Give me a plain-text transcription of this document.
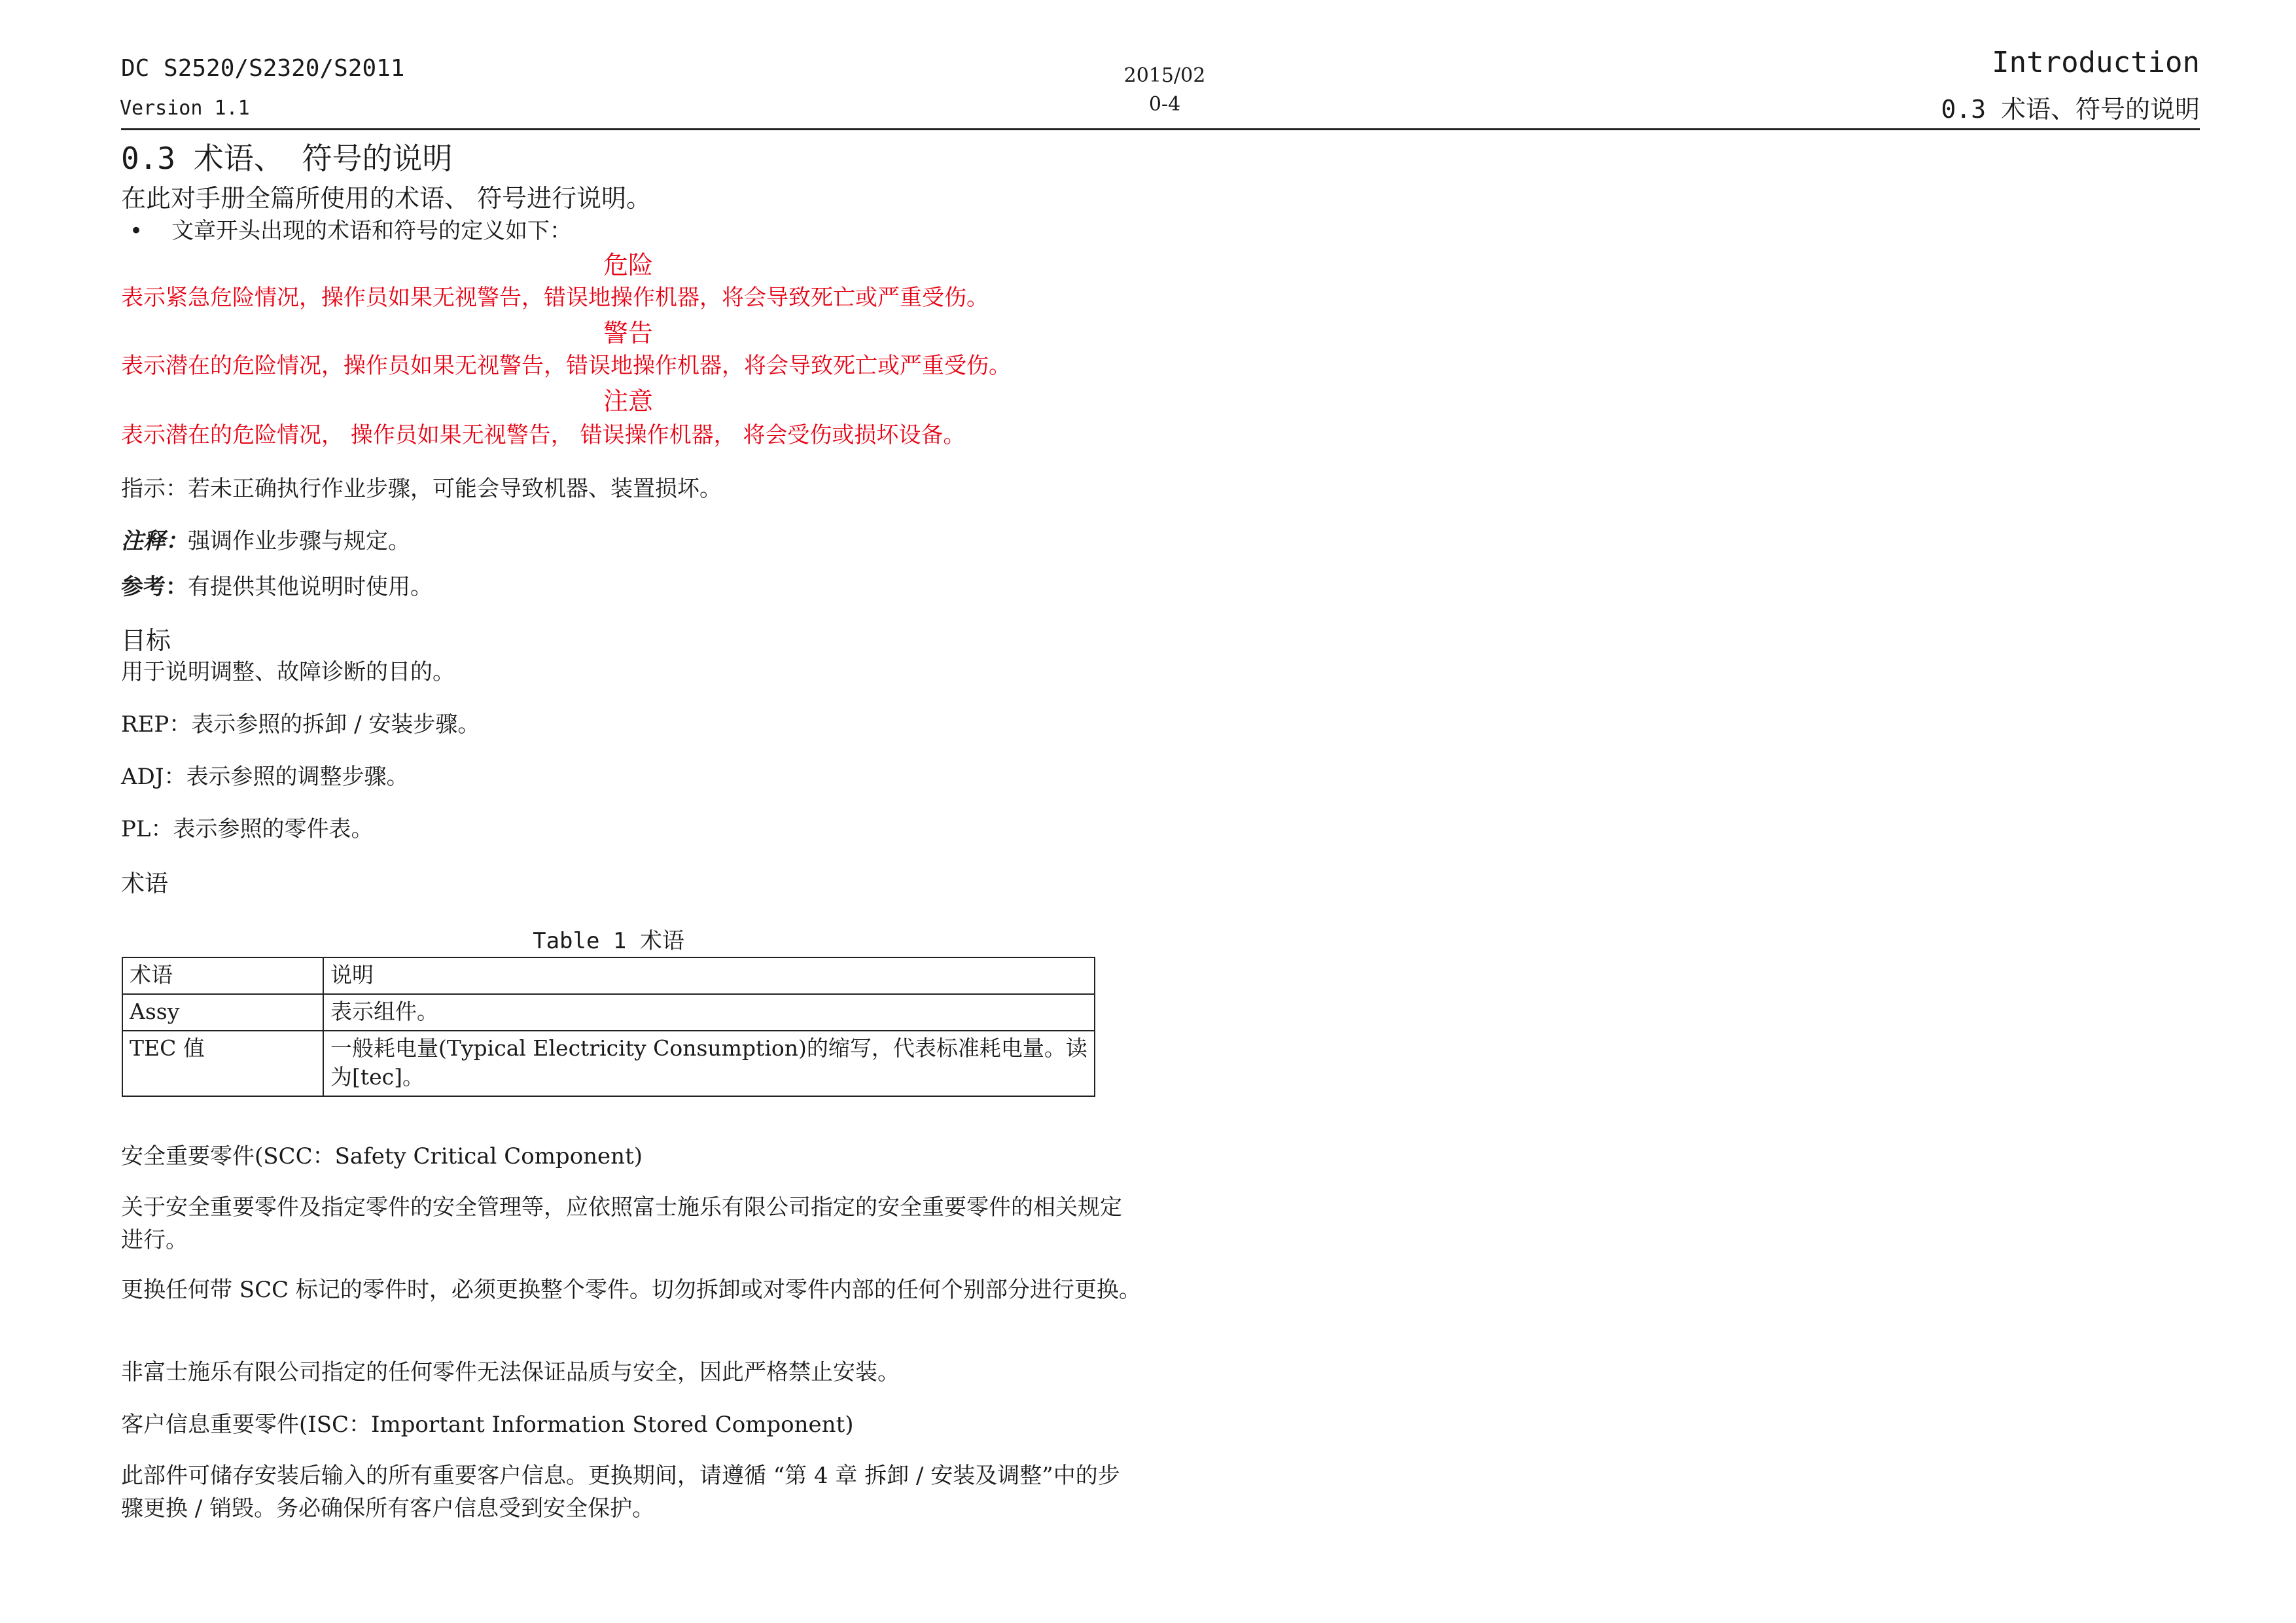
DC S2520/S2320/S2011
Version 1.1
2015/02
0-4
Introduction
0.3 术语、符号的说明
0.3 术语、 符号的说明
在此对手册全篇所使用的术语、 符号进行说明。
• 文章开头出现的术语和符号的定义如下：
危险
表示紧急危险情况，操作员如果无视警告，错误地操作机器，将会导致死亡或严重受伤。
警告
表示潜在的危险情况，操作员如果无视警告，错误地操作机器，将会导致死亡或严重受伤。
注意
表示潜在的危险情况， 操作员如果无视警告， 错误操作机器， 将会受伤或损坏设备。
指示：若未正确执行作业步骤，可能会导致机器、装置损坏。
注释：强调作业步骤与规定。
参考：有提供其他说明时使用。
目标
用于说明调整、故障诊断的目的。
REP：表示参照的拆卸 / 安装步骤。
ADJ：表示参照的调整步骤。
PL：表示参照的零件表。
术语
Table 1 术语
术语	说明
Assy	表示组件。
TEC 值	一般耗电量(Typical Electricity Consumption)的缩写，代表标准耗电量。读为[tec]。
安全重要零件(SCC：Safety Critical Component)
关于安全重要零件及指定零件的安全管理等，应依照富士施乐有限公司指定的安全重要零件的相关规定进行。
更换任何带 SCC 标记的零件时，必须更换整个零件。切勿拆卸或对零件内部的任何个别部分进行更换。
非富士施乐有限公司指定的任何零件无法保证品质与安全，因此严格禁止安装。
客户信息重要零件(ISC：Important Information Stored Component)
此部件可储存安装后输入的所有重要客户信息。更换期间，请遵循 “第 4 章 拆卸 / 安装及调整”中的步骤更换 / 销毁。务必确保所有客户信息受到安全保护。
